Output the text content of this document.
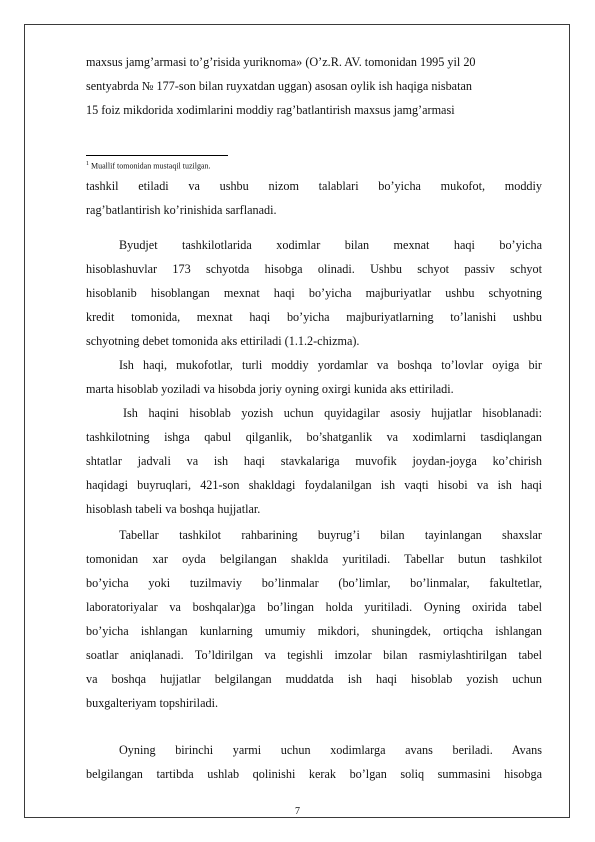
maxsus jamg’armasi to’g’risida yuriknoma» (O’z.R. AV. tomonidan 1995 yil 20
sentyabrda № 177-son bilan ruyxatdan uggan) asosan oylik ish haqiga nisbatan
15 foiz mikdorida xodimlarini moddiy rag’batlantirish maxsus jamg’armasi
$^1$ Muallif tomonidan mustaqil tuzilgan.
tashkil etiladi va ushbu nizom talablari bo’yicha mukofot, moddiy
rag’batlantirish ko’rinishida sarflanadi.
Byudjet tashkilotlarida xodimlar bilan mexnat haqi bo’yicha
hisoblashuvlar 173 schyotda hisobga olinadi. Ushbu schyot passiv schyot
hisoblanib hisoblangan mexnat haqi bo’yicha majburiyatlar ushbu schyotning
kredit tomonida, mexnat haqi bo’yicha majburiyatlarning to’lanishi ushbu
schyotning debet tomonida aks ettiriladi (1.1.2-chizma).
Ish haqi, mukofotlar, turli moddiy yordamlar va boshqa to’lovlar oyiga bir
marta hisoblab yoziladi va hisobda joriy oyning oxirgi kunida aks ettiriladi.
Ish haqini hisoblab yozish uchun quyidagilar asosiy hujjatlar hisoblanadi:
tashkilotning ishga qabul qilganlik, bo’shatganlik va xodimlarni tasdiqlangan
shtatlar jadvali va ish haqi stavkalariga muvofik joydan-joyga ko’chirish
haqidagi buyruqlari, 421-son shakldagi foydalanilgan ish vaqti hisobi va ish haqi
hisoblash tabeli va boshqa hujjatlar.
Tabellar tashkilot rahbarining buyrug’i bilan tayinlangan shaxslar
tomonidan xar oyda belgilangan shaklda yuritiladi. Tabellar butun tashkilot
bo’yicha yoki tuzilmaviy bo’linmalar (bo’limlar, bo’linmalar, fakultetlar,
laboratoriyalar va boshqalar)ga bo’lingan holda yuritiladi. Oyning oxirida tabel
bo’yicha ishlangan kunlarning umumiy mikdori, shuningdek, ortiqcha ishlangan
soatlar aniqlanadi. To’ldirilgan va tegishli imzolar bilan rasmiylashtirilgan tabel
va boshqa hujjatlar belgilangan muddatda ish haqi hisoblab yozish uchun
buxgalteriyam topshiriladi.
Oyning birinchi yarmi uchun xodimlarga avans beriladi. Avans
belgilangan tartibda ushlab qolinishi kerak bo’lgan soliq summasini hisobga
7
